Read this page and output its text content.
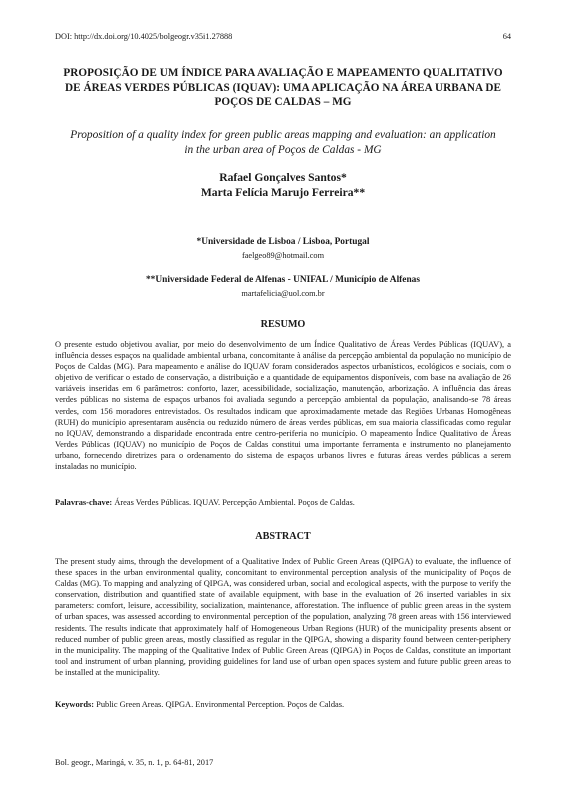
DOI: http://dx.doi.org/10.4025/bolgeogr.v35i1.27888	64
PROPOSIÇÃO DE UM ÍNDICE PARA AVALIAÇÃO E MAPEAMENTO QUALITATIVO DE ÁREAS VERDES PÚBLICAS (IQUAV): UMA APLICAÇÃO NA ÁREA URBANA DE POÇOS DE CALDAS – MG

Proposition of a quality index for green public areas mapping and evaluation: an application in the urban area of Poços de Caldas - MG

Rafael Gonçalves Santos*
Marta Felícia Marujo Ferreira**
*Universidade de Lisboa / Lisboa, Portugal
faelgeo89@hotmail.com
**Universidade Federal de Alfenas - UNIFAL / Município de Alfenas
martafelicia@uol.com.br
RESUMO

O presente estudo objetivou avaliar, por meio do desenvolvimento de um Índice Qualitativo de Áreas Verdes Públicas (IQUAV), a influência desses espaços na qualidade ambiental urbana, concomitante à análise da percepção ambiental da população no município de Poços de Caldas (MG). Para mapeamento e análise do IQUAV foram considerados aspectos urbanísticos, ecológicos e sociais, com o objetivo de verificar o estado de conservação, a distribuição e a quantidade de equipamentos disponíveis, com base na avaliação de 26 variáveis inseridas em 6 parâmetros: conforto, lazer, acessibilidade, socialização, manutenção, arborização. A influência das áreas verdes públicas no sistema de espaços urbanos foi avaliada segundo a percepção ambiental da população, analisando-se 78 áreas verdes, com 156 moradores entrevistados. Os resultados indicam que aproximadamente metade das Regiões Urbanas Homogêneas (RUH) do município apresentaram ausência ou reduzido número de áreas verdes públicas, em sua maioria classificadas como regular no IQUAV, demonstrando a disparidade encontrada entre centro-periferia no município. O mapeamento Índice Qualitativo de Áreas Verdes Públicas (IQUAV) no município de Poços de Caldas constitui uma importante ferramenta e instrumento no planejamento urbano, fornecendo diretrizes para o ordenamento do sistema de espaços urbanos livres e futuras áreas verdes públicas a serem instaladas no município.

Palavras-chave: Áreas Verdes Públicas. IQUAV. Percepção Ambiental. Poços de Caldas.

ABSTRACT

The present study aims, through the development of a Qualitative Index of Public Green Areas (QIPGA) to evaluate, the influence of these spaces in the urban environmental quality, concomitant to environmental perception analysis of the municipality of Poços de Caldas (MG). To mapping and analyzing of QIPGA, was considered urban, social and ecological aspects, with the purpose to verify the conservation, distribution and quantified state of available equipment, with base in the evaluation of 26 inserted variables in six parameters: comfort, leisure, accessibility, socialization, maintenance, afforestation. The influence of public green areas in the system of urban spaces, was assessed according to environmental perception of the population, analyzing 78 green areas with 156 interviewed residents. The results indicate that approximately half of Homogeneous Urban Regions (HUR) of the municipality presents absent or reduced number of public green areas, mostly classified as regular in the QIPGA, showing a disparity found between center-periphery in the municipality. The mapping of the Qualitative Index of Public Green Areas (QIPGA) in Poços de Caldas, constitute an important tool and instrument of urban planning, providing guidelines for land use of urban open spaces system and future public green areas to be installed at the municipality.

Keywords: Public Green Areas. QIPGA. Environmental Perception. Poços de Caldas.

Bol. geogr., Maringá, v. 35, n. 1, p. 64-81, 2017
